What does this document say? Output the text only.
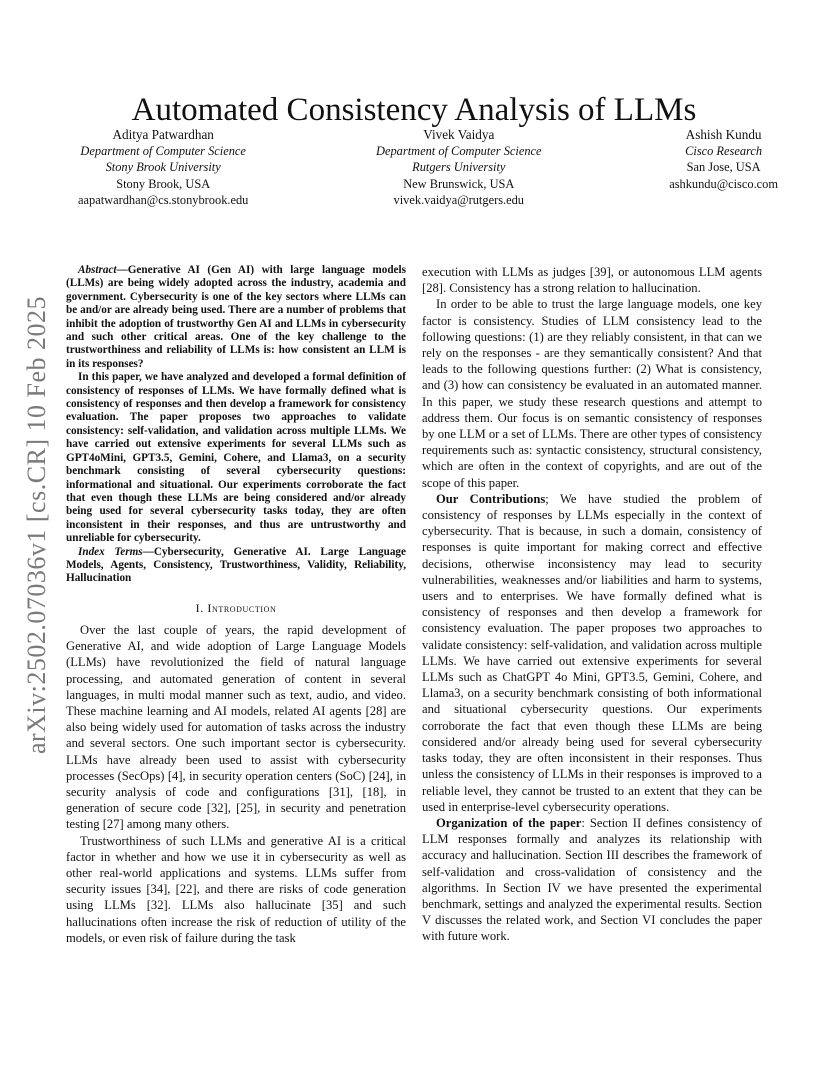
arXiv:2502.07036v1 [cs.CR] 10 Feb 2025
Automated Consistency Analysis of LLMs
Aditya Patwardhan
Department of Computer Science
Stony Brook University
Stony Brook, USA
aapatwardhan@cs.stonybrook.edu
Vivek Vaidya
Department of Computer Science
Rutgers University
New Brunswick, USA
vivek.vaidya@rutgers.edu
Ashish Kundu
Cisco Research
San Jose, USA
ashkundu@cisco.com

Abstract—Generative AI (Gen AI) with large language models (LLMs) are being widely adopted across the industry, academia and government. Cybersecurity is one of the key sectors where LLMs can be and/or are already being used. There are a number of problems that inhibit the adoption of trustworthy Gen AI and LLMs in cybersecurity and such other critical areas. One of the key challenge to the trustworthiness and reliability of LLMs is: how consistent an LLM is in its responses?

In this paper, we have analyzed and developed a formal definition of consistency of responses of LLMs. We have formally defined what is consistency of responses and then develop a framework for consistency evaluation. The paper proposes two approaches to validate consistency: self-validation, and validation across multiple LLMs. We have carried out extensive experiments for several LLMs such as GPT4oMini, GPT3.5, Gemini, Cohere, and Llama3, on a security benchmark consisting of several cybersecurity questions: informational and situational. Our experiments corroborate the fact that even though these LLMs are being considered and/or already being used for several cybersecurity tasks today, they are often inconsistent in their responses, and thus are untrustworthy and unreliable for cybersecurity.

Index Terms—Cybersecurity, Generative AI. Large Language Models, Agents, Consistency, Trustworthiness, Validity, Reliability, Hallucination

I. Introduction

Over the last couple of years, the rapid development of Generative AI, and wide adoption of Large Language Models (LLMs) have revolutionized the field of natural language processing, and automated generation of content in several languages, in multi modal manner such as text, audio, and video. These machine learning and AI models, related AI agents [28] are also being widely used for automation of tasks across the industry and several sectors. One such important sector is cybersecurity. LLMs have already been used to assist with cybersecurity processes (SecOps) [4], in security operation centers (SoC) [24], in security analysis of code and configurations [31], [18], in generation of secure code [32], [25], in security and penetration testing [27] among many others.

Trustworthiness of such LLMs and generative AI is a critical factor in whether and how we use it in cybersecurity as well as other real-world applications and systems. LLMs suffer from security issues [34], [22], and there are risks of code generation using LLMs [32]. LLMs also hallucinate [35] and such hallucinations often increase the risk of reduction of utility of the models, or even risk of failure during the task

execution with LLMs as judges [39], or autonomous LLM agents [28]. Consistency has a strong relation to hallucination.

In order to be able to trust the large language models, one key factor is consistency. Studies of LLM consistency lead to the following questions: (1) are they reliably consistent, in that can we rely on the responses - are they semantically consistent? And that leads to the following questions further: (2) What is consistency, and (3) how can consistency be evaluated in an automated manner. In this paper, we study these research questions and attempt to address them. Our focus is on semantic consistency of responses by one LLM or a set of LLMs. There are other types of consistency requirements such as: syntactic consistency, structural consistency, which are often in the context of copyrights, and are out of the scope of this paper.

Our Contributions; We have studied the problem of consistency of responses by LLMs especially in the context of cybersecurity. That is because, in such a domain, consistency of responses is quite important for making correct and effective decisions, otherwise inconsistency may lead to security vulnerabilities, weaknesses and/or liabilities and harm to systems, users and to enterprises. We have formally defined what is consistency of responses and then develop a framework for consistency evaluation. The paper proposes two approaches to validate consistency: self-validation, and validation across multiple LLMs. We have carried out extensive experiments for several LLMs such as ChatGPT 4o Mini, GPT3.5, Gemini, Cohere, and Llama3, on a security benchmark consisting of both informational and situational cybersecurity questions. Our experiments corroborate the fact that even though these LLMs are being considered and/or already being used for several cybersecurity tasks today, they are often inconsistent in their responses. Thus unless the consistency of LLMs in their responses is improved to a reliable level, they cannot be trusted to an extent that they can be used in enterprise-level cybersecurity operations.

Organization of the paper: Section II defines consistency of LLM responses formally and analyzes its relationship with accuracy and hallucination. Section III describes the framework of self-validation and cross-validation of consistency and the algorithms. In Section IV we have presented the experimental benchmark, settings and analyzed the experimental results. Section V discusses the related work, and Section VI concludes the paper with future work.
